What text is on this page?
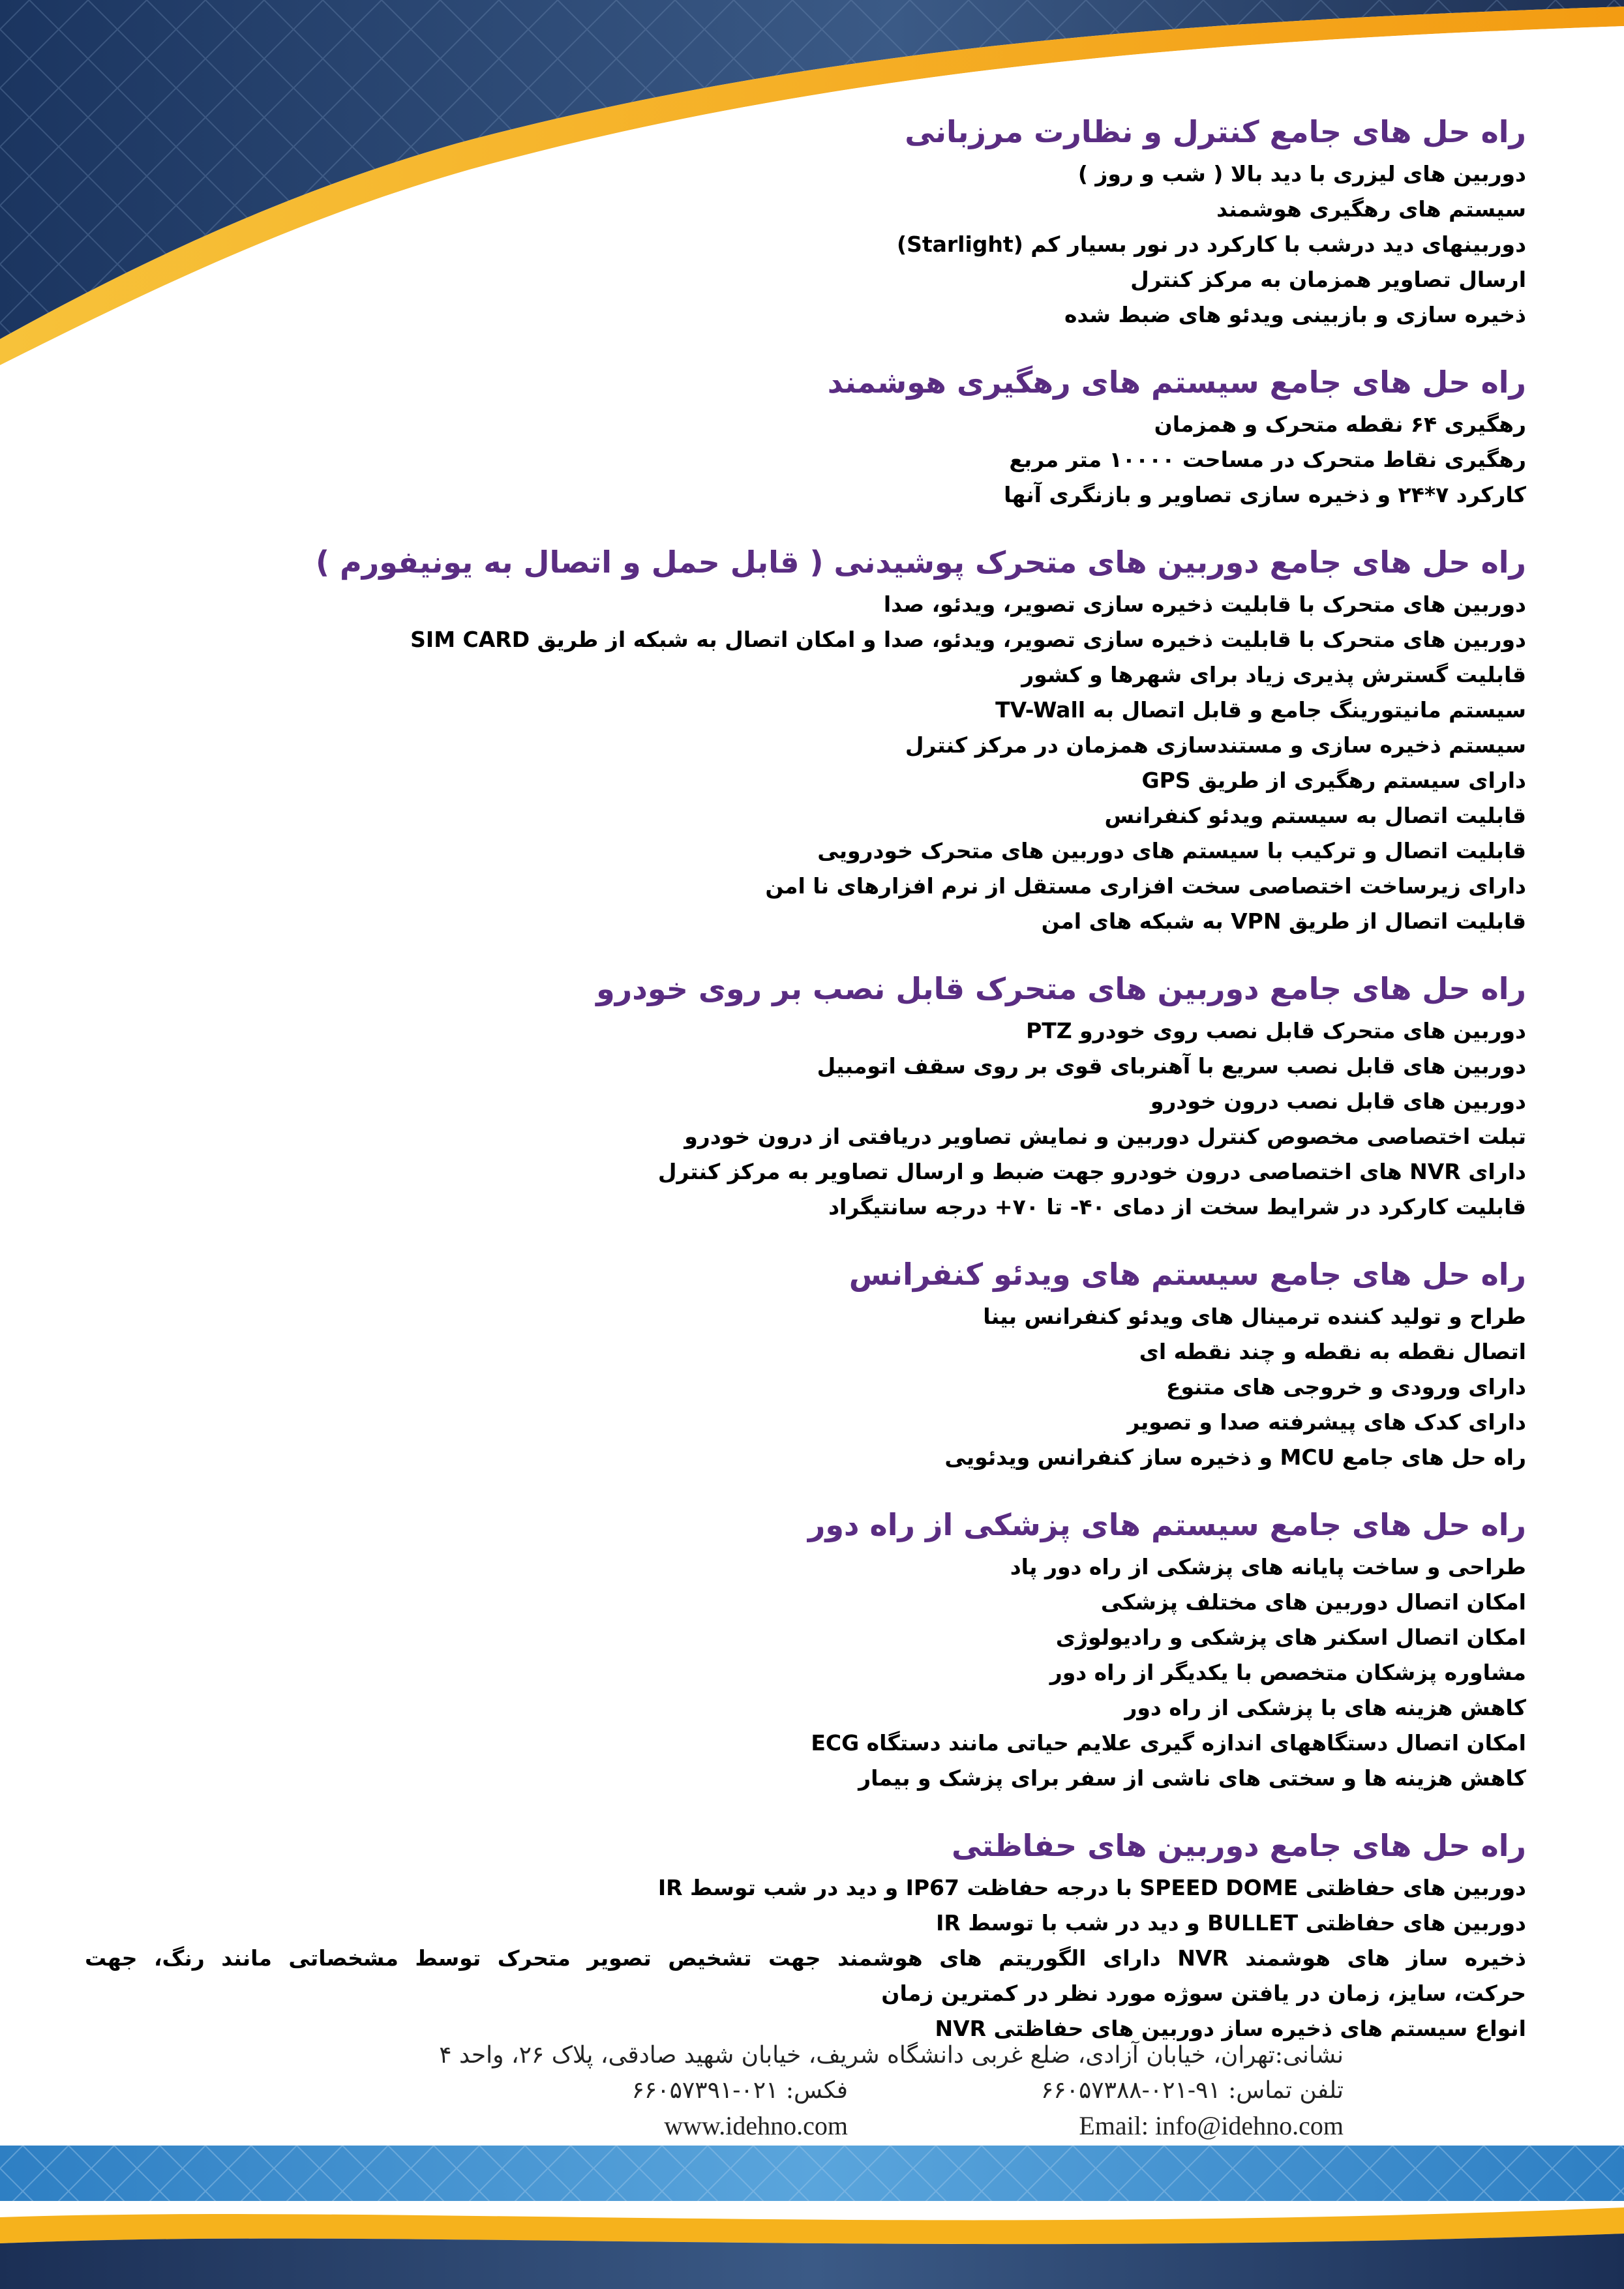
راه حل های جامع کنترل و نظارت مرزبانی
دوربین های لیزری با دید بالا ( شب و روز )
سیستم های رهگیری هوشمند
دوربینهای دید درشب با کارکرد در نور بسیار کم (Starlight)
ارسال تصاویر همزمان به مرکز کنترل
ذخیره سازی و بازبینی ویدئو های ضبط شده
راه حل های جامع سیستم های رهگیری هوشمند
رهگیری ۶۴ نقطه متحرک و همزمان
رهگیری نقاط متحرک در مساحت ۱۰۰۰۰ متر مربع
کارکرد ۷*۲۴ و ذخیره سازی تصاویر و بازنگری آنها
راه حل های جامع دوربین های متحرک پوشیدنی ( قابل حمل و اتصال به یونیفورم )
دوربین های متحرک با قابلیت ذخیره سازی تصویر، ویدئو، صدا
دوربین های متحرک با قابلیت ذخیره سازی تصویر، ویدئو، صدا و امکان اتصال به شبکه از طریق SIM CARD
قابلیت گسترش پذیری زیاد برای شهرها و کشور
سیستم مانیتورینگ جامع و قابل اتصال به TV-Wall
سیستم ذخیره سازی و مستندسازی همزمان در مرکز کنترل
دارای سیستم رهگیری از طریق GPS
قابلیت اتصال به سیستم ویدئو کنفرانس
قابلیت اتصال و ترکیب با سیستم های دوربین های متحرک خودرویی
دارای زیرساخت اختصاصی سخت افزاری مستقل از نرم افزارهای نا امن
قابلیت اتصال از طریق VPN به شبکه های امن
راه حل های جامع دوربین های متحرک قابل نصب بر روی خودرو
دوربین های متحرک قابل نصب روی خودرو PTZ
دوربین های قابل نصب سریع با آهنربای قوی بر روی سقف اتومبیل
دوربین های قابل نصب درون خودرو
تبلت اختصاصی مخصوص کنترل دوربین و نمایش تصاویر دریافتی از درون خودرو
دارای NVR های اختصاصی درون خودرو جهت ضبط و ارسال تصاویر به مرکز کنترل
قابلیت کارکرد در شرایط سخت از دمای ۴۰- تا ۷۰+ درجه سانتیگراد
راه حل های جامع سیستم های ویدئو کنفرانس
طراح و تولید کننده ترمینال های ویدئو کنفرانس بینا
اتصال نقطه به نقطه و چند نقطه ای
دارای ورودی و خروجی های متنوع
دارای کدک های پیشرفته صدا و تصویر
راه حل های جامع MCU و ذخیره ساز کنفرانس ویدئویی
راه حل های جامع سیستم های پزشکی از راه دور
طراحی و ساخت پایانه های پزشکی از راه دور پاد
امکان اتصال دوربین های مختلف پزشکی
امکان اتصال اسکنر های پزشکی و رادیولوژی
مشاوره پزشکان متخصص با یکدیگر از راه دور
کاهش هزینه های با پزشکی از راه دور
امکان اتصال دستگاههای اندازه گیری علایم حیاتی مانند دستگاه ECG
کاهش هزینه ها و سختی های ناشی از سفر برای پزشک و بیمار
راه حل های جامع دوربین های حفاظتی
دوربین های حفاظتی SPEED DOME با درجه حفاظت IP67 و دید در شب توسط IR
دوربین های حفاظتی BULLET و دید در شب با توسط IR
ذخیره ساز های هوشمند NVR دارای الگوریتم های هوشمند جهت تشخیص تصویر متحرک توسط مشخصاتی مانند رنگ، جهت
حرکت، سایز، زمان در یافتن سوژه مورد نظر در کمترین زمان
انواع سیستم های ذخیره ساز دوربین های حفاظتی NVR
نشانی:تهران، خیابان آزادی، ضلع غربی دانشگاه شریف، خیابان شهید صادقی، پلاک ۲۶، واحد ۴
تلفن تماس: ۹۱-۰۲۱-۶۶۰۵۷۳۸۸
فکس: ۰۲۱-۶۶۰۵۷۳۹۱
Email: info@idehno.com
www.idehno.com
